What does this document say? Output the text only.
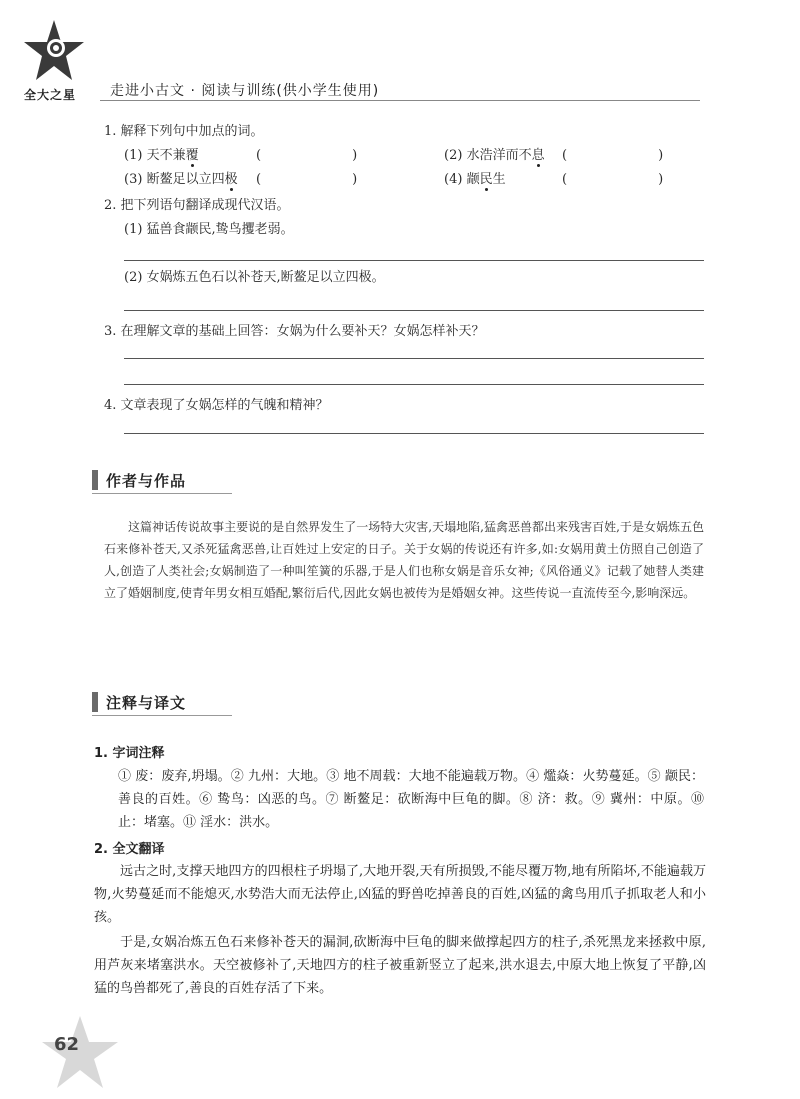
全大之星 走进小古文 · 阅读与训练(供小学生使用)
1. 解释下列句中加点的词。
(1) 天不兼覆	(　　　　　　　)	(2) 水浩洋而不息 (　　　　　　　)
(3) 断鳌足以立四极 (　　　　　　　)	(4) 颛民生	(　　　　　　　)
2. 把下列语句翻译成现代汉语。
(1) 猛兽食颛民,鸷鸟攫老弱。
(2) 女娲炼五色石以补苍天,断鳌足以立四极。
3. 在理解文章的基础上回答：女娲为什么要补天？女娲怎样补天？
4. 文章表现了女娲怎样的气魄和精神？
作者与作品

这篇神话传说故事主要说的是自然界发生了一场特大灾害,天塌地陷,猛禽恶兽都出来残害百姓,于是女娲炼五色石来修补苍天,又杀死猛禽恶兽,让百姓过上安定的日子。关于女娲的传说还有许多,如:女娲用黄土仿照自己创造了人,创造了人类社会;女娲制造了一种叫笙簧的乐器,于是人们也称女娲是音乐女神;《风俗通义》记载了她替人类建立了婚姻制度,使青年男女相互婚配,繁衍后代,因此女娲也被传为是婚姻女神。这些传说一直流传至今,影响深远。

注释与译文
1. 字词注释

① 废：废弃,坍塌。② 九州：大地。③ 地不周载：大地不能遍载万物。④ 爁焱：火势蔓延。⑤ 颛民：善良的百姓。⑥ 鸷鸟：凶恶的鸟。⑦ 断鳌足：砍断海中巨龟的脚。⑧ 济：救。⑨ 冀州：中原。⑩ 止：堵塞。⑪ 淫水：洪水。

2. 全文翻译

远古之时,支撑天地四方的四根柱子坍塌了,大地开裂,天有所损毁,不能尽覆万物,地有所陷坏,不能遍载万物,火势蔓延而不能熄灭,水势浩大而无法停止,凶猛的野兽吃掉善良的百姓,凶猛的禽鸟用爪子抓取老人和小孩。

于是,女娲冶炼五色石来修补苍天的漏洞,砍断海中巨龟的脚来做撑起四方的柱子,杀死黑龙来拯救中原,用芦灰来堵塞洪水。天空被修补了,天地四方的柱子被重新竖立了起来,洪水退去,中原大地上恢复了平静,凶猛的鸟兽都死了,善良的百姓存活了下来。

62
